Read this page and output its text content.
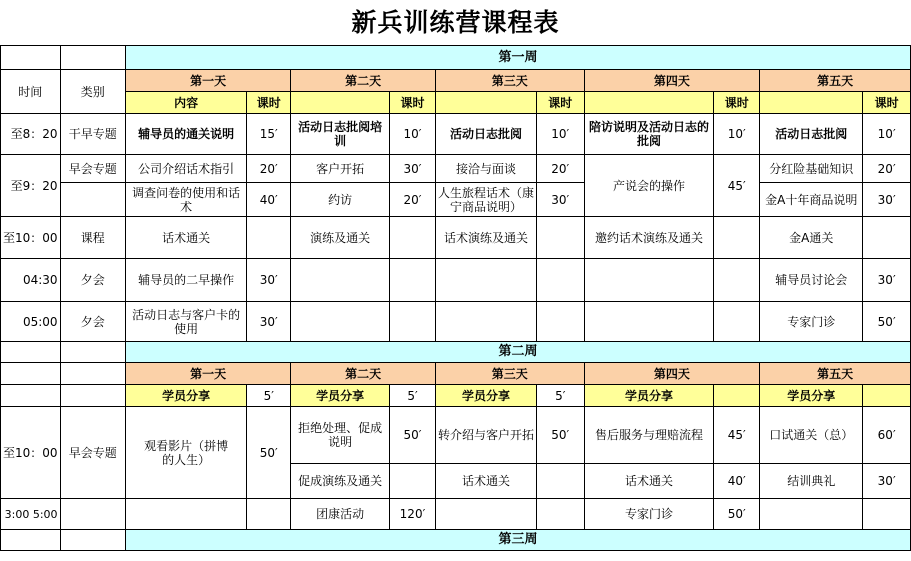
新兵训练营课程表
		第一周									
时间	类别	第一天		第二天		第三天		第四天		第五天	
		内容	课时		课时		课时		课时		课时
至8：20	干早专题	辅导员的通关说明	15′	活动日志批阅培训	10′	活动日志批阅	10′	陪访说明及活动日志的批阅	10′	活动日志批阅	10′
至9：20	早会专题	公司介绍话术指引	20′	客户开拓	30′	接洽与面谈	20′	产说会的操作	45′	分红险基础知识	20′
		调查问卷的使用和话术	40′	约访	20′	人生旅程话术（康宁商品说明）	30′			金A十年商品说明	30′
至10：00	课程	话术通关		演练及通关		话术演练及通关		邀约话术演练及通关		金A通关	
04:30	夕会	辅导员的二早操作	30′							辅导员讨论会	30′
05:00	夕会	活动日志与客户卡的使用	30′							专家门诊	50′
		第二周									
		第一天		第二天		第三天		第四天		第五天	
		学员分享	5′	学员分享	5′	学员分享	5′	学员分享		学员分享	
至10：00	早会专题	观看影片（拼博的人生）	50′	拒绝处理、促成说明	50′	转介绍与客户开拓	50′	售后服务与理赔流程	45′	口试通关（总）	60′
				促成演练及通关		话术通关		话术通关	40′	结训典礼	30′
3:00 5:00				团康活动	120′			专家门诊	50′		
		第三周									
